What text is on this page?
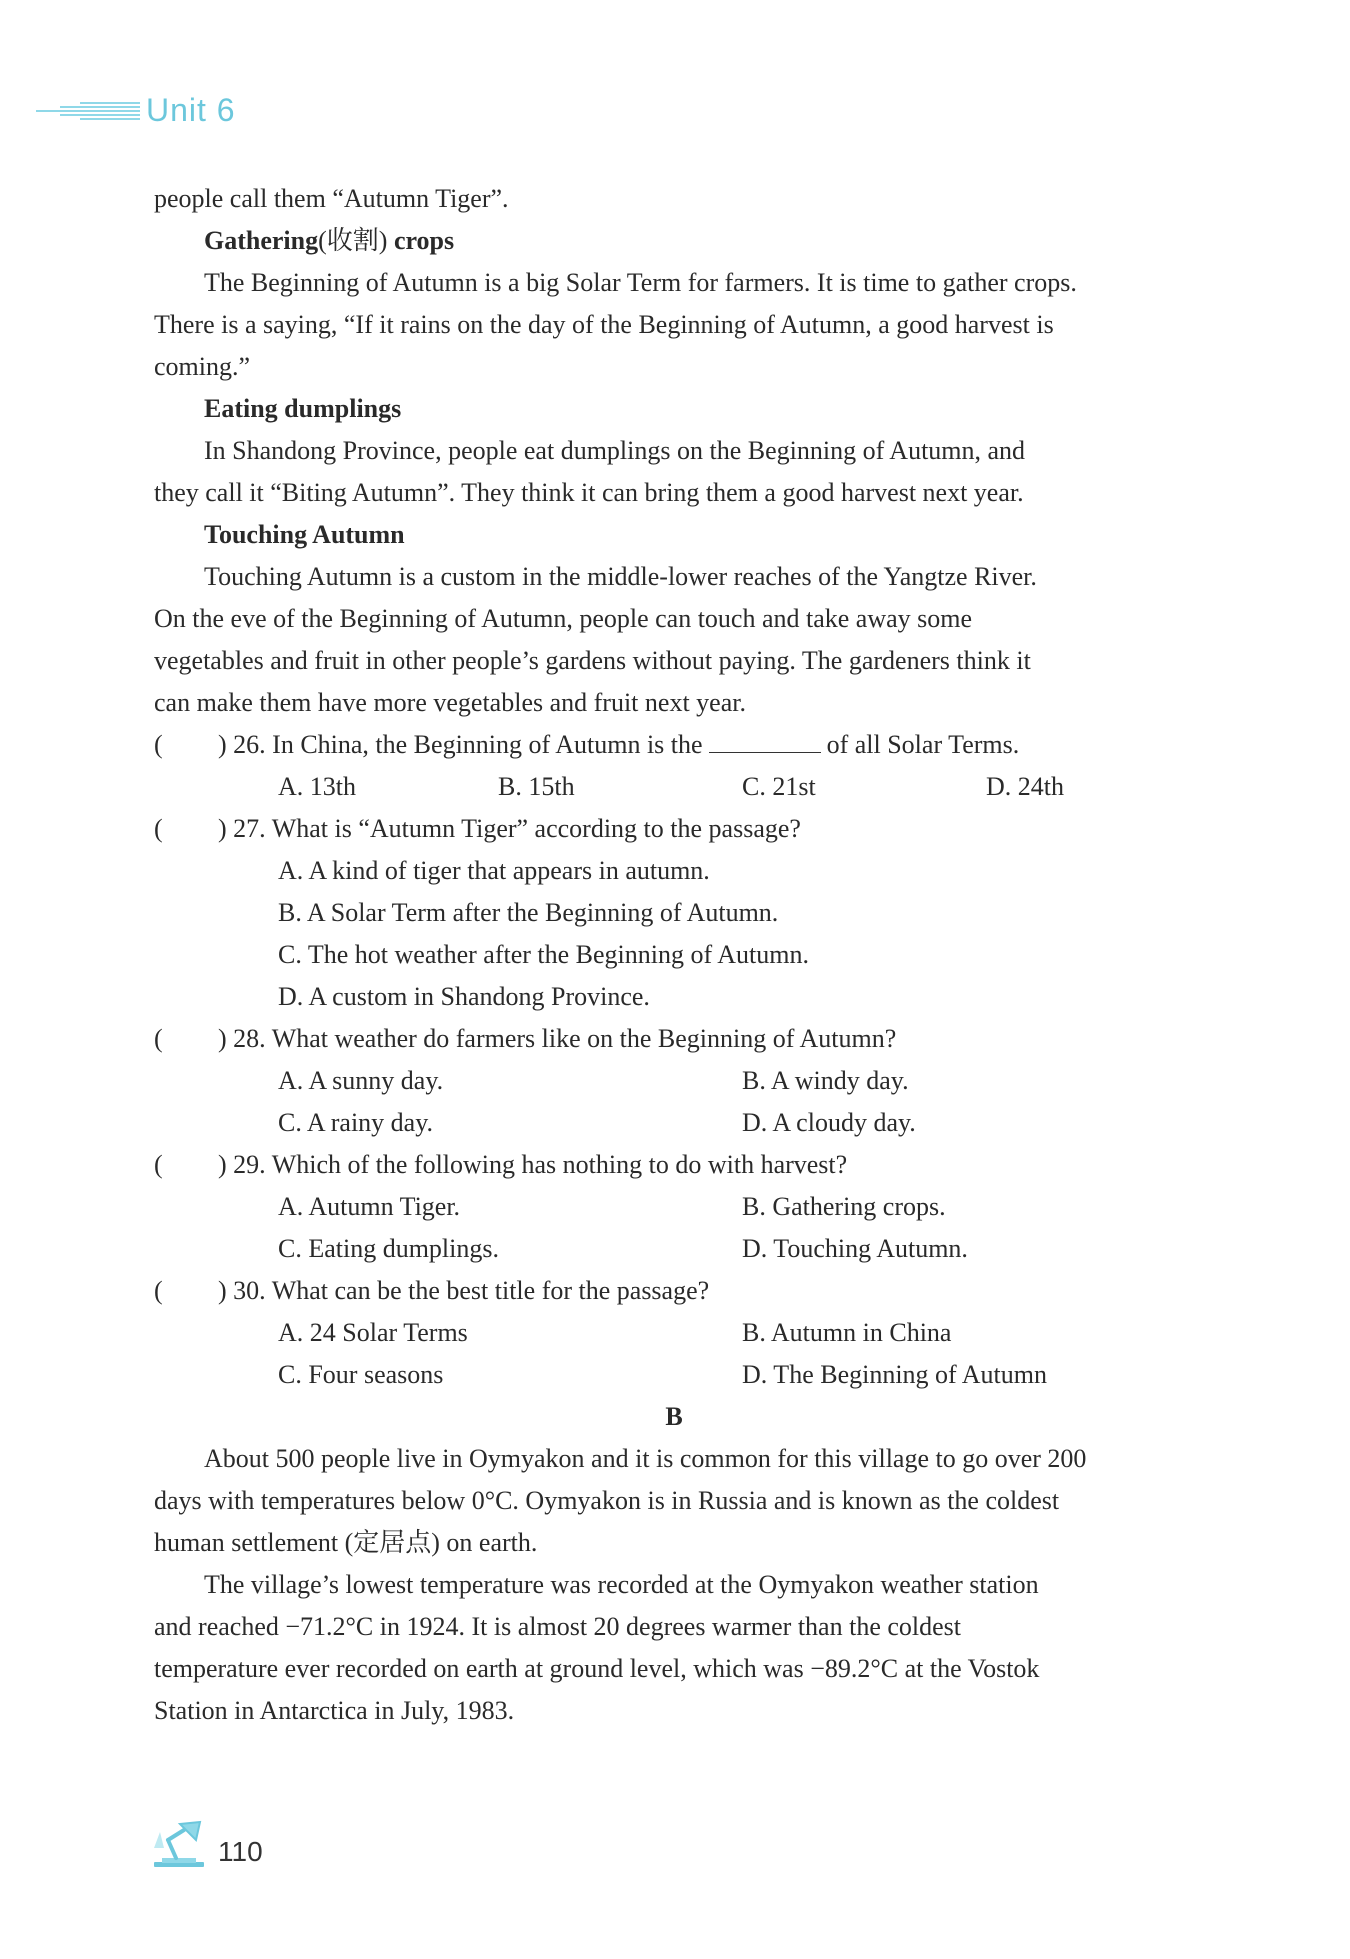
Unit 6
people call them “Autumn Tiger”.
Gathering(收割) crops
The Beginning of Autumn is a big Solar Term for farmers. It is time to gather crops.
There is a saying, “If it rains on the day of the Beginning of Autumn, a good harvest is
coming.”
Eating dumplings
In Shandong Province, people eat dumplings on the Beginning of Autumn, and
they call it “Biting Autumn”. They think it can bring them a good harvest next year.
Touching Autumn
Touching Autumn is a custom in the middle-lower reaches of the Yangtze River.
On the eve of the Beginning of Autumn, people can touch and take away some
vegetables and fruit in other people’s gardens without paying. The gardeners think it
can make them have more vegetables and fruit next year.
( ) 26. In China, the Beginning of Autumn is the	of all Solar Terms.
A. 13th	B. 15th	C. 21st	D. 24th
( ) 27. What is “Autumn Tiger” according to the passage?
A. A kind of tiger that appears in autumn.
B. A Solar Term after the Beginning of Autumn.
C. The hot weather after the Beginning of Autumn.
D. A custom in Shandong Province.
( ) 28. What weather do farmers like on the Beginning of Autumn?
A. A sunny day.	B. A windy day.
C. A rainy day.	D. A cloudy day.
( ) 29. Which of the following has nothing to do with harvest?
A. Autumn Tiger.	B. Gathering crops.
C. Eating dumplings.	D. Touching Autumn.
( ) 30. What can be the best title for the passage?
A. 24 Solar Terms	B. Autumn in China
C. Four seasons	D. The Beginning of Autumn
B
About 500 people live in Oymyakon and it is common for this village to go over 200
days with temperatures below 0°C. Oymyakon is in Russia and is known as the coldest
human settlement (定居点) on earth.
The village’s lowest temperature was recorded at the Oymyakon weather station
and reached −71.2°C in 1924. It is almost 20 degrees warmer than the coldest
temperature ever recorded on earth at ground level, which was −89.2°C at the Vostok
Station in Antarctica in July, 1983.
110
